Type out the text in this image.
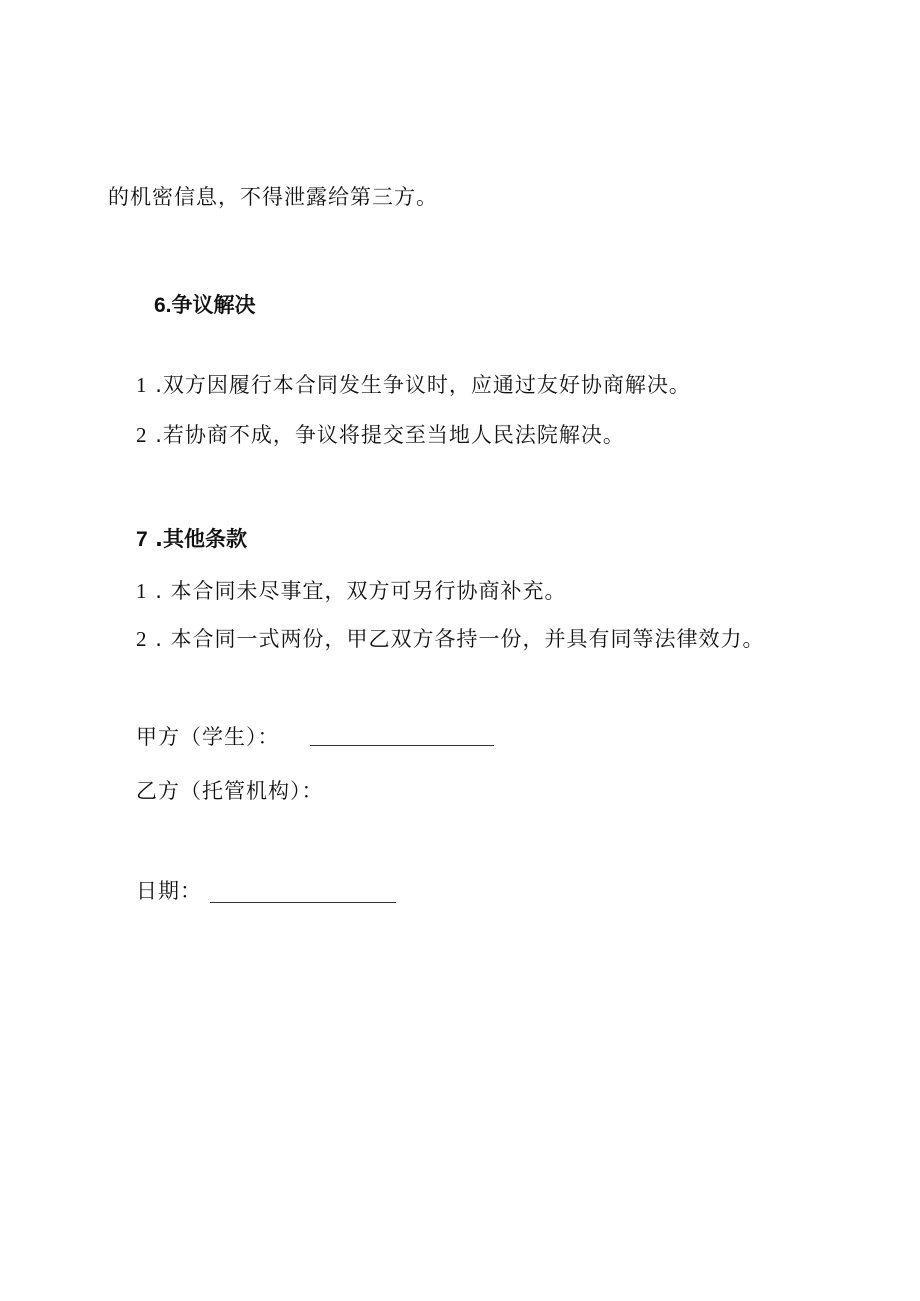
的机密信息，不得泄露给第三方。
6.争议解决
1 .双方因履行本合同发生争议时，应通过友好协商解决。
2 .若协商不成，争议将提交至当地人民法院解决。
7 .其他条款
1 . 本合同未尽事宜，双方可另行协商补充。
2 . 本合同一式两份，甲乙双方各持一份，并具有同等法律效力。
甲方（学生）：
乙方（托管机构）：
日期：
